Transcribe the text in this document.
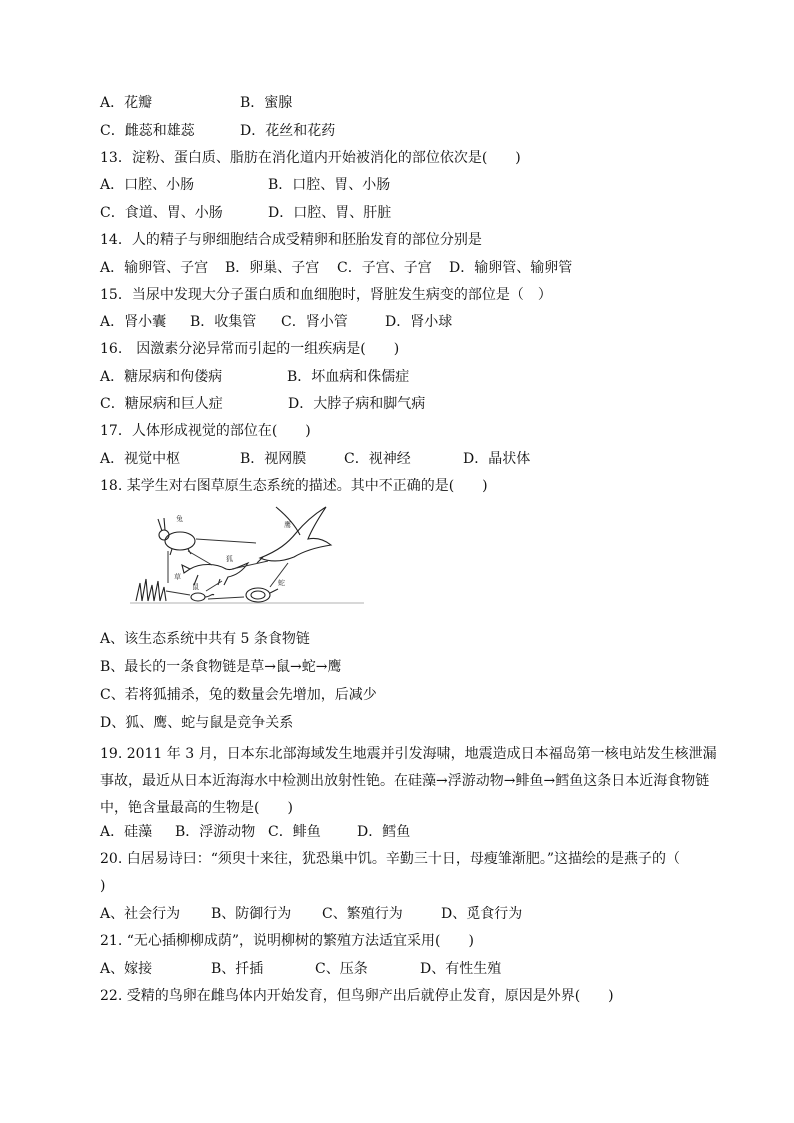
A．花瓣	B．蜜腺
C．雌蕊和雄蕊	D．花丝和花药
13．淀粉、蛋白质、脂肪在消化道内开始被消化的部位依次是(　　)
A．口腔、小肠	B．口腔、胃、小肠
C．食道、胃、小肠	D．口腔、胃、肝脏
14．人的精子与卵细胞结合成受精卵和胚胎发育的部位分别是
A．输卵管、子宫 B．卵巢、子宫 C．子宫、子宫 D．输卵管、输卵管
15．当尿中发现大分子蛋白质和血细胞时，肾脏发生病变的部位是（　）
A．肾小囊 B．收集管 C．肾小管	D．肾小球
16.　因激素分泌异常而引起的一组疾病是(　　)
A．糖尿病和佝偻病	B．坏血病和侏儒症
C．糖尿病和巨人症	D．大脖子病和脚气病
17．人体形成视觉的部位在(　　)
A．视觉中枢	B．视网膜	C．视神经	D．晶状体
18. 某学生对右图草原生态系统的描述。其中不正确的是(　　)
兔
鹰
狐
草
鼠	蛇
A、该生态系统中共有 5 条食物链
B、最长的一条食物链是草→鼠→蛇→鹰
C、若将狐捕杀，兔的数量会先增加，后减少
D、狐、鹰、蛇与鼠是竞争关系
19. 2011 年 3 月，日本东北部海域发生地震并引发海啸，地震造成日本福岛第一核电站发生核泄漏事故，最近从日本近海海水中检测出放射性铯。在硅藻→浮游动物→鲱鱼→鳕鱼这条日本近海食物链中，铯含量最高的生物是(　　)
A．硅藻 B．浮游动物 C．鲱鱼	D．鳕鱼
20. 白居易诗曰：“须臾十来往，犹恐巢中饥。辛勤三十日，母瘦雏渐肥。”这描绘的是燕子的（
)
A、社会行为 B、防御行为 C、繁殖行为	D、觅食行为
21. “无心插柳柳成荫”，说明柳树的繁殖方法适宜采用(　　)
A、嫁接	B、扦插	C、压条	D、有性生殖
22. 受精的鸟卵在雌鸟体内开始发育，但鸟卵产出后就停止发育，原因是外界(　　)
